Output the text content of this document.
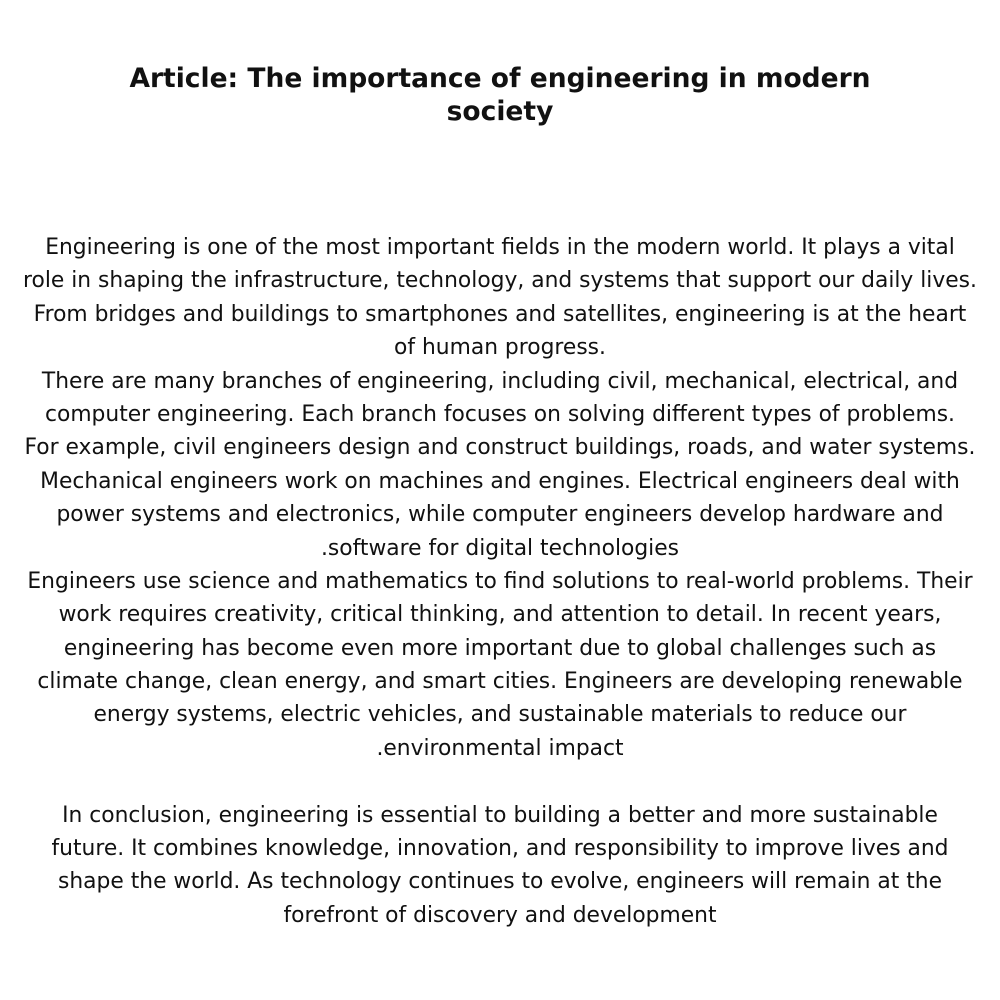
Article: The importance of engineering in modern
society
Engineering is one of the most important fields in the modern world. It plays a vital
role in shaping the infrastructure, technology, and systems that support our daily lives.
From bridges and buildings to smartphones and satellites, engineering is at the heart
of human progress.
There are many branches of engineering, including civil, mechanical, electrical, and
computer engineering. Each branch focuses on solving different types of problems.
For example, civil engineers design and construct buildings, roads, and water systems.
Mechanical engineers work on machines and engines. Electrical engineers deal with
power systems and electronics, while computer engineers develop hardware and
.software for digital technologies
Engineers use science and mathematics to find solutions to real-world problems. Their
work requires creativity, critical thinking, and attention to detail. In recent years,
engineering has become even more important due to global challenges such as
climate change, clean energy, and smart cities. Engineers are developing renewable
energy systems, electric vehicles, and sustainable materials to reduce our
.environmental impact
In conclusion, engineering is essential to building a better and more sustainable
future. It combines knowledge, innovation, and responsibility to improve lives and
shape the world. As technology continues to evolve, engineers will remain at the
forefront of discovery and development
